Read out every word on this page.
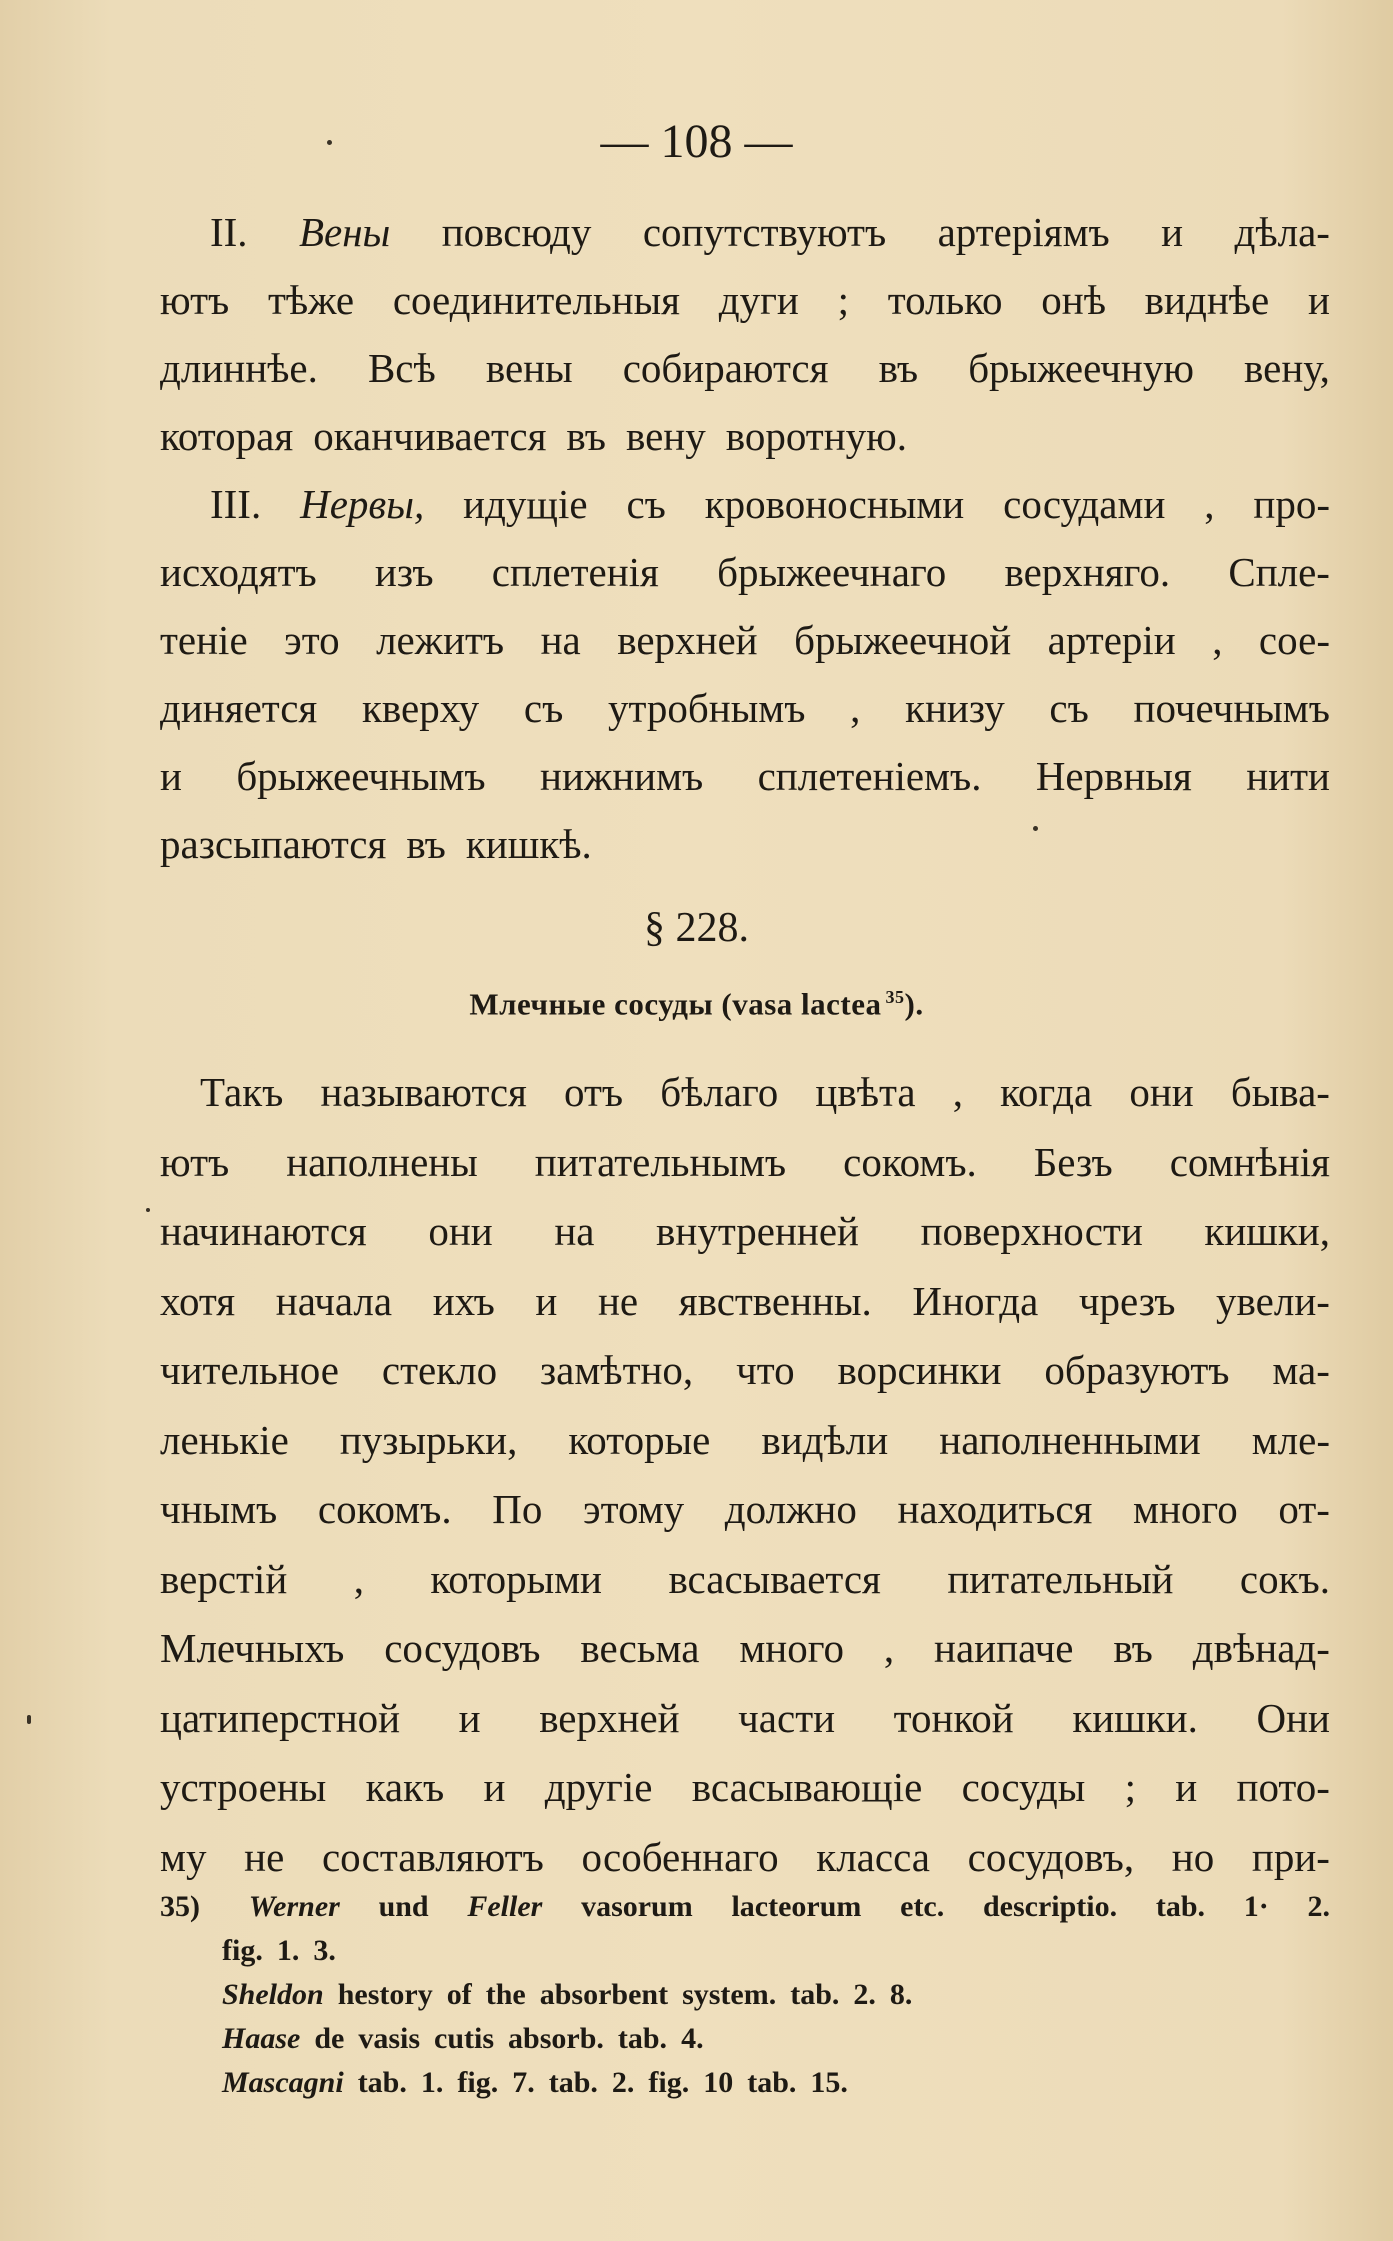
— 108 —
II. Вены повсюду сопутствуютъ артерiямъ и дѣла-
ютъ тѣже соединительныя дуги ; только онѣ виднѣе и
длиннѣе. Всѣ вены собираются въ брыжеечную вену,
которая оканчивается въ вену воротную.
III. Нервы, идущiе съ кровоносными сосудами , про-
исходятъ изъ сплетенiя брыжеечнаго верхняго. Спле-
тенiе это лежитъ на верхней брыжеечной артерiи , сое-
диняется кверху съ утробнымъ , книзу съ почечнымъ
и брыжеечнымъ нижнимъ сплетенiемъ. Нервныя нити
разсыпаются въ кишкѣ.
§ 228.
Млечные сосуды (vasa lactea $^{35}$).
Такъ называются отъ бѣлаго цвѣта , когда они быва-
ютъ наполнены питательнымъ сокомъ. Безъ сомнѣнiя
начинаются они на внутренней поверхности кишки,
хотя начала ихъ и не явственны. Иногда чрезъ увели-
чительное стекло замѣтно, что ворсинки образуютъ ма-
ленькiе пузырьки, которые видѣли наполненными мле-
чнымъ сокомъ. По этому должно находиться много от-
верстiй , которыми всасывается питательный сокъ.
Млечныхъ сосудовъ весьма много , наипаче въ двѣнад-
цатиперстной и верхней части тонкой кишки. Они
устроены какъ и другiе всасывающiе сосуды ; и пото-
му не составляютъ особеннаго класса сосудовъ, но при-
35) Werner und Feller vasorum lacteorum etc. descriptio. tab. 1· 2.
fig. 1. 3.
Sheldon hestory of the absorbent system. tab. 2. 8.
Haase de vasis cutis absorb. tab. 4.
Mascagni tab. 1. fig. 7. tab. 2. fig. 10 tab. 15.
